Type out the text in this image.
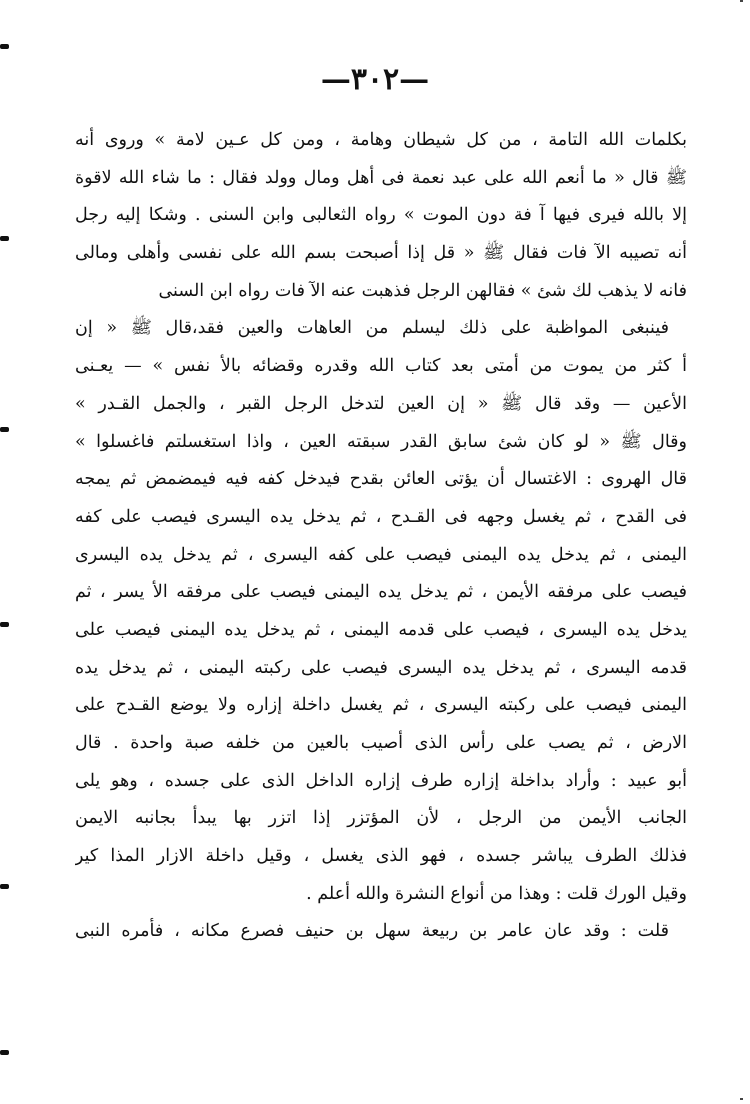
—٣٠٢—
بكلمات الله التامة ، من كل شيطان وهامة ، ومن كل عـين لامة » وروى أنه
ﷺ قال « ما أنعم الله على عبد نعمة فى أهل ومال وولد فقال : ما شاء الله لاقوة
إلا بالله فيرى فيها آ فة دون الموت » رواه الثعالبى وابن السنى . وشكا إليه رجل
أنه تصيبه الآ فات فقال ﷺ « قل إذا أصبحت بسم الله على نفسى وأهلى ومالى
فانه لا يذهب لك شئ » فقالهن الرجل فذهبت عنه الآ فات رواه ابن السنى
فينبغى المواظبة على ذلك ليسلم من العاهات والعين فقد،قال ﷺ « إن
أ كثر من يموت من أمتى بعد كتاب الله وقدره وقضائه بالأ نفس » — يعـنى
الأعين — وقد قال ﷺ « إن العين لتدخل الرجل القبر ، والجمل القـدر »
وقال ﷺ « لو كان شئ سابق القدر سبقته العين ، واذا استغسلتم فاغسلوا »
قال الهروى : الاغتسال أن يؤتى العائن بقدح فيدخل كفه فيه فيمضمض ثم يمجه
فى القدح ، ثم يغسل وجهه فى القـدح ، ثم يدخل يده اليسرى فيصب على كفه
اليمنى ، ثم يدخل يده اليمنى فيصب على كفه اليسرى ، ثم يدخل يده اليسرى
فيصب على مرفقه الأيمن ، ثم يدخل يده اليمنى فيصب على مرفقه الأ يسر ، ثم
يدخل يده اليسرى ، فيصب على قدمه اليمنى ، ثم يدخل يده اليمنى فيصب على
قدمه اليسرى ، ثم يدخل يده اليسرى فيصب على ركبته اليمنى ، ثم يدخل يده
اليمنى فيصب على ركبته اليسرى ، ثم يغسل داخلة إزاره ولا يوضع القـدح على
الارض ، ثم يصب على رأس الذى أصيب بالعين من خلفه صبة واحدة . قال
أبو عبيد : وأراد بداخلة إزاره طرف إزاره الداخل الذى على جسده ، وهو يلى
الجانب الأيمن من الرجل ، لأن المؤتزر إذا اتزر بها يبدأ بجانبه الايمن
فذلك الطرف يباشر جسده ، فهو الذى يغسل ، وقيل داخلة الازار المذا كير
وقيل الورك قلت : وهذا من أنواع النشرة والله أعلم .
قلت : وقد عان عامر بن ربيعة سهل بن حنيف فصرع مكانه ، فأمره النبى
